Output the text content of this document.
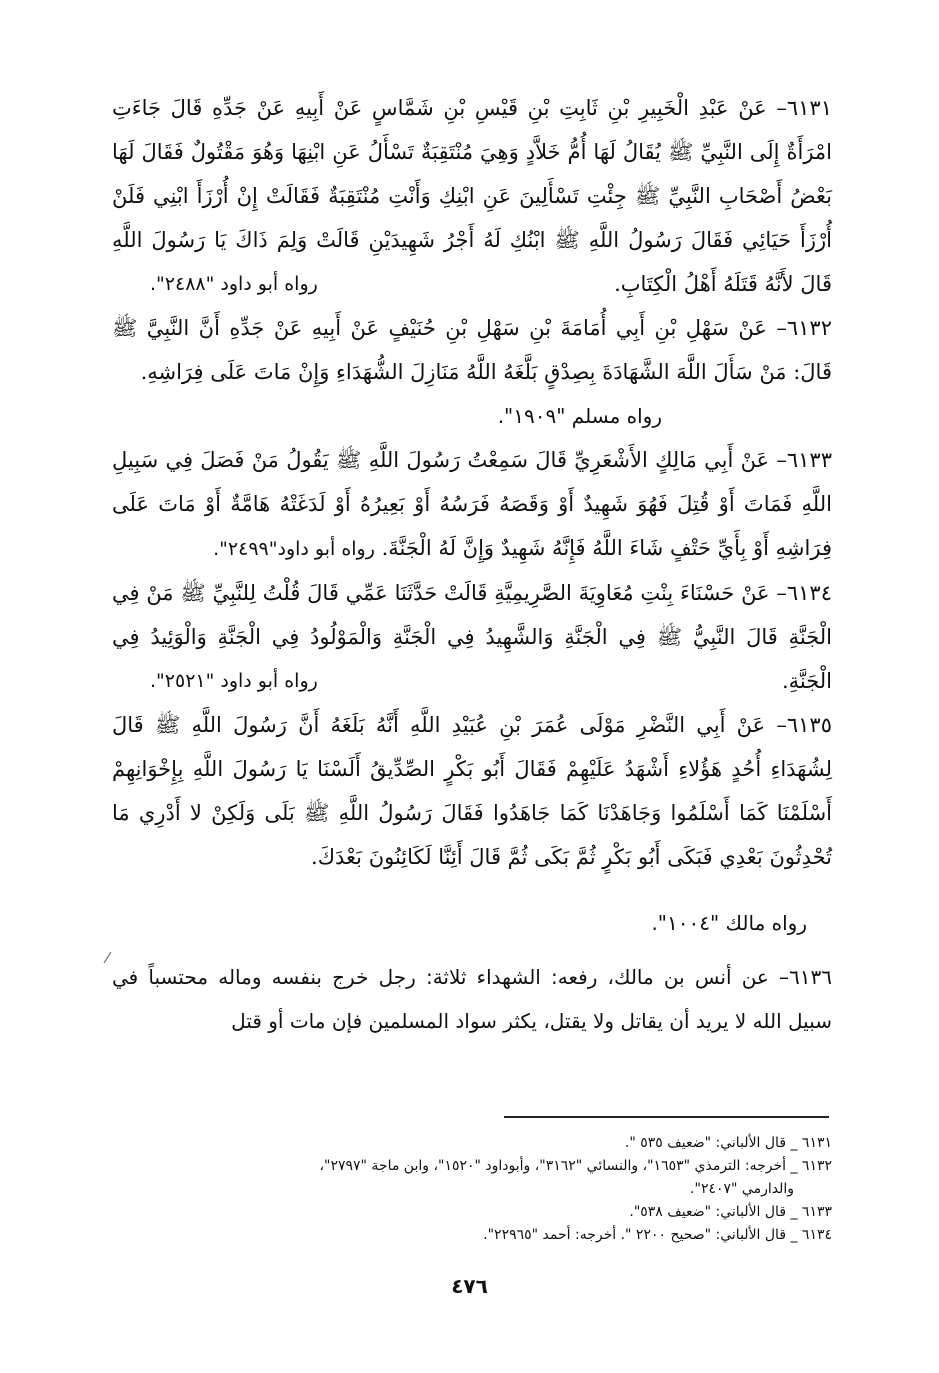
٦١٣١– عَنْ عَبْدِ الْخَبِيرِ بْنِ ثَابِتِ بْنِ قَيْسِ بْنِ شَمَّاسٍ عَنْ أَبِيهِ عَنْ جَدِّهِ قَالَ جَاءَتِ امْرَأَةٌ إِلَى النَّبِيِّ ﷺ يُقَالُ لَهَا أُمُّ خَلاَّدٍ وَهِيَ مُنْتَقِبَةٌ تَسْأَلُ عَنِ ابْنِهَا وَهُوَ مَقْتُولٌ فَقَالَ لَهَا بَعْضُ أَصْحَابِ النَّبِيِّ ﷺ جِئْتِ تَسْأَلِينَ عَنِ ابْنِكِ وَأَنْتِ مُنْتَقِبَةٌ فَقَالَتْ إِنْ أُرْزَأَ ابْنِي فَلَنْ أُرْزَأَ حَيَائِي فَقَالَ رَسُولُ اللَّهِ ﷺ ابْنُكِ لَهُ أَجْرُ شَهِيدَيْنِ قَالَتْ وَلِمَ ذَاكَ يَا رَسُولَ اللَّهِ قَالَ لأَنَّهُ قَتَلَهُ أَهْلُ الْكِتَابِ.
رواه أبو داود "٢٤٨٨".

٦١٣٢– عَنْ سَهْلِ بْنِ أَبِي أُمَامَةَ بْنِ سَهْلِ بْنِ حُنَيْفٍ عَنْ أَبِيهِ عَنْ جَدِّهِ أَنَّ النَّبِيَّ ﷺ قَالَ: مَنْ سَأَلَ اللَّهَ الشَّهَادَةَ بِصِدْقٍ بَلَّغَهُ اللَّهُ مَنَازِلَ الشُّهَدَاءِ وَإِنْ مَاتَ عَلَى فِرَاشِهِ.

رواه مسلم "١٩٠٩".

٦١٣٣– عَنْ أَبِي مَالِكٍ الأَشْعَرِيِّ قَالَ سَمِعْتُ رَسُولَ اللَّهِ ﷺ يَقُولُ مَنْ فَصَلَ فِي سَبِيلِ اللَّهِ فَمَاتَ أَوْ قُتِلَ فَهُوَ شَهِيدٌ أَوْ وَقَصَهُ فَرَسُهُ أَوْ بَعِيرُهُ أَوْ لَدَغَتْهُ هَامَّةٌ أَوْ مَاتَ عَلَى فِرَاشِهِ أَوْ بِأَيِّ حَتْفٍ شَاءَ اللَّهُ فَإِنَّهُ شَهِيدٌ وَإِنَّ لَهُ الْجَنَّةَ. رواه أبو داود"٢٤٩٩".

٦١٣٤– عَنْ حَسْنَاءَ بِنْتِ مُعَاوِيَةَ الصَّرِيمِيَّةِ قَالَتْ حَدَّثَنَا عَمِّي قَالَ قُلْتُ لِلنَّبِيِّ ﷺ مَنْ فِي الْجَنَّةِ قَالَ النَّبِيُّ ﷺ فِي الْجَنَّةِ وَالشَّهِيدُ فِي الْجَنَّةِ وَالْمَوْلُودُ فِي الْجَنَّةِ وَالْوَئِيدُ فِي الْجَنَّةِ.
رواه أبو داود "٢٥٢١".

٦١٣٥– عَنْ أَبِي النَّضْرِ مَوْلَى عُمَرَ بْنِ عُبَيْدِ اللَّهِ أَنَّهُ بَلَغَهُ أَنَّ رَسُولَ اللَّهِ ﷺ قَالَ لِشُهَدَاءِ أُحُدٍ هَؤُلاءِ أَشْهَدُ عَلَيْهِمْ فَقَالَ أَبُو بَكْرٍ الصِّدِّيقُ أَلَسْنَا يَا رَسُولَ اللَّهِ بِإِخْوَانِهِمْ أَسْلَمْنَا كَمَا أَسْلَمُوا وَجَاهَدْنَا كَمَا جَاهَدُوا فَقَالَ رَسُولُ اللَّهِ ﷺ بَلَى وَلَكِنْ لا أَدْرِي مَا تُحْدِثُونَ بَعْدِي فَبَكَى أَبُو بَكْرٍ ثُمَّ بَكَى ثُمَّ قَالَ أَئِنَّا لَكَائِنُونَ بَعْدَكَ.

رواه مالك "١٠٠٤".

٦١٣٦– عن أنس بن مالك، رفعه: الشهداء ثلاثة: رجل خرج بنفسه وماله محتسباً في سبيل الله لا يريد أن يقاتل ولا يقتل، يكثر سواد المسلمين فإن مات أو قتل

٦١٣١ _ قال الألباني: "ضعيف ٥٣٥ ".

٦١٣٢ _ أخرجه: الترمذي "١٦٥٣"، والنسائي "٣١٦٢"، وأبوداود "١٥٢٠"، وابن ماجة "٢٧٩٧"،

والدارمي "٢٤٠٧".

٦١٣٣ _ قال الألباني: "ضعيف ٥٣٨".

٦١٣٤ _ قال الألباني: "صحيح ٢٢٠٠ ". أخرجه: أحمد "٢٢٩٦٥".

٤٧٦
